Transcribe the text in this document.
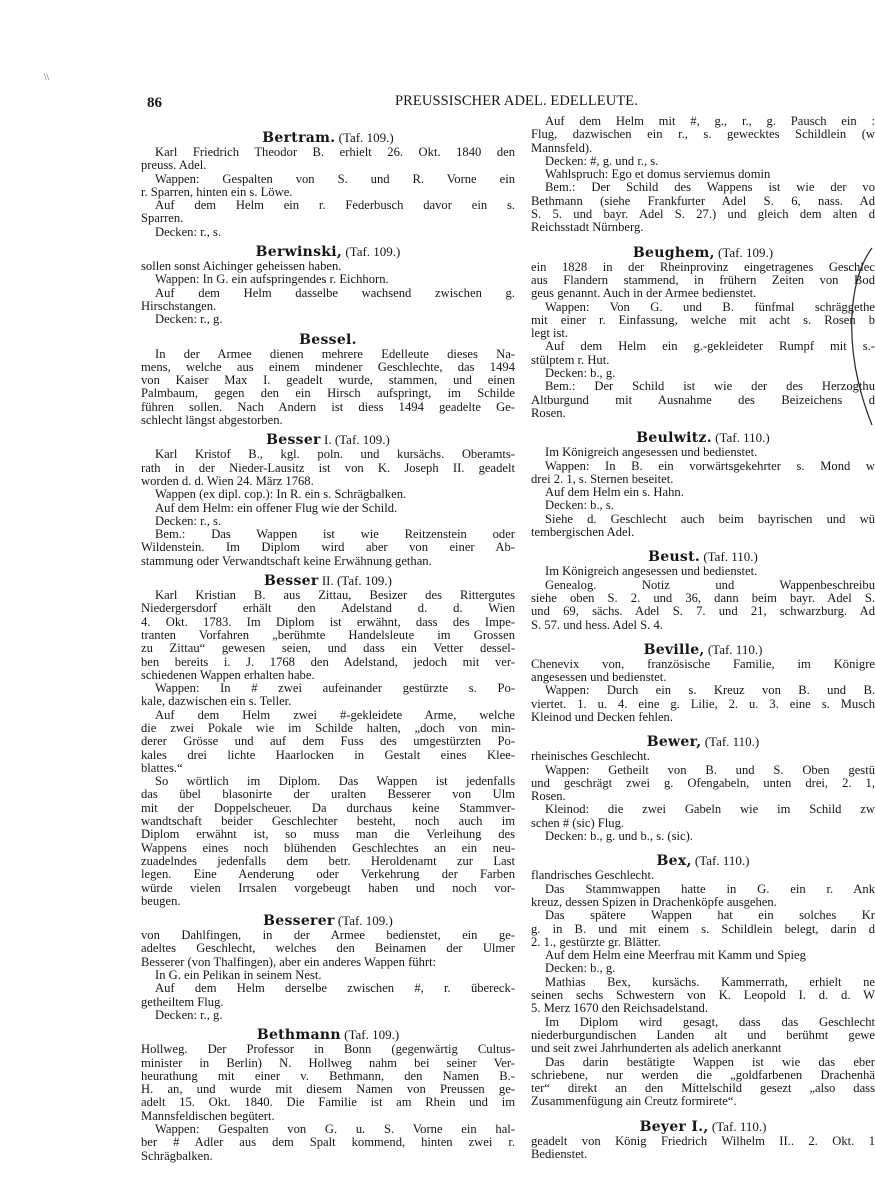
\\
86	PREUSSISCHER ADEL. EDELLEUTE.
Bertram. (Taf. 109.)
Karl Friedrich Theodor B. erhielt 26. Okt. 1840 den
preuss. Adel.
Wappen: Gespalten von S. und R. Vorne ein
r. Sparren, hinten ein s. Löwe.
Auf dem Helm ein r. Federbusch davor ein s.
Sparren.
Decken: r., s.
Berwinski, (Taf. 109.)
sollen sonst Aichinger geheissen haben.
Wappen: In G. ein aufspringendes r. Eichhorn.
Auf dem Helm dasselbe wachsend zwischen g.
Hirschstangen.
Decken: r., g.
Bessel.
In der Armee dienen mehrere Edelleute dieses Na-
mens, welche aus einem mindener Geschlechte, das 1494
von Kaiser Max I. geadelt wurde, stammen, und einen
Palmbaum, gegen den ein Hirsch aufspringt, im Schilde
führen sollen. Nach Andern ist diess 1494 geadelte Ge-
schlecht längst abgestorben.
Besser I. (Taf. 109.)
Karl Kristof B., kgl. poln. und kursächs. Oberamts-
rath in der Nieder-Lausitz ist von K. Joseph II. geadelt
worden d. d. Wien 24. März 1768.
Wappen (ex dipl. cop.): In R. ein s. Schrägbalken.
Auf dem Helm: ein offener Flug wie der Schild.
Decken: r., s.
Bem.: Das Wappen ist wie Reitzenstein oder
Wildenstein. Im Diplom wird aber von einer Ab-
stammung oder Verwandtschaft keine Erwähnung gethan.
Besser II. (Taf. 109.)
Karl Kristian B. aus Zittau, Besizer des Rittergutes
Niedergersdorf erhält den Adelstand d. d. Wien
4. Okt. 1783. Im Diplom ist erwähnt, dass des Impe-
tranten Vorfahren „berühmte Handelsleute im Grossen
zu Zittau“ gewesen seien, und dass ein Vetter dessel-
ben bereits i. J. 1768 den Adelstand, jedoch mit ver-
schiedenen Wappen erhalten habe.
Wappen: In # zwei aufeinander gestürzte s. Po-
kale, dazwischen ein s. Teller.
Auf dem Helm zwei #-gekleidete Arme, welche
die zwei Pokale wie im Schilde halten, „doch von min-
derer Grösse und auf dem Fuss des umgestürzten Po-
kales drei lichte Haarlocken in Gestalt eines Klee-
blattes.“
So wörtlich im Diplom. Das Wappen ist jedenfalls
das übel blasonirte der uralten Besserer von Ulm
mit der Doppelscheuer. Da durchaus keine Stammver-
wandtschaft beider Geschlechter besteht, noch auch im
Diplom erwähnt ist, so muss man die Verleihung des
Wappens eines noch blühenden Geschlechtes an ein neu-
zuadelndes jedenfalls dem betr. Heroldenamt zur Last
legen. Eine Aenderung oder Verkehrung der Farben
würde vielen Irrsalen vorgebeugt haben und noch vor-
beugen.
Besserer (Taf. 109.)
von Dahlfingen, in der Armee bedienstet, ein ge-
adeltes Geschlecht, welches den Beinamen der Ulmer
Besserer (von Thalfingen), aber ein anderes Wappen führt:
In G. ein Pelikan in seinem Nest.
Auf dem Helm derselbe zwischen #, r. übereck-
getheiltem Flug.
Decken: r., g.
Bethmann (Taf. 109.)
Hollweg. Der Professor in Bonn (gegenwärtig Cultus-
minister in Berlin) N. Hollweg nahm bei seiner Ver-
heurathung mit einer v. Bethmann, den Namen B.-
H. an, und wurde mit diesem Namen von Preussen ge-
adelt 15. Okt. 1840. Die Familie ist am Rhein und im
Mannsfeldischen begütert.
Wappen: Gespalten von G. u. S. Vorne ein hal-
ber # Adler aus dem Spalt kommend, hinten zwei r.
Schrägbalken.
Auf dem Helm mit #, g., r., g. Pausch ein :
Flug, dazwischen ein r., s. gewecktes Schildlein (w
Mannsfeld).
Decken: #, g. und r., s.
Wahlspruch: Ego et domus serviemus domin
Bem.: Der Schild des Wappens ist wie der vo
Bethmann (siehe Frankfurter Adel S. 6, nass. Ad
S. 5. und bayr. Adel S. 27.) und gleich dem alten d
Reichsstadt Nürnberg.
Beughem, (Taf. 109.)
ein 1828 in der Rheinprovinz eingetragenes Geschlec
aus Flandern stammend, in frühern Zeiten von Bod
geus genannt. Auch in der Armee bedienstet.
Wappen: Von G. und B. fünfmal schräggethe
mit einer r. Einfassung, welche mit acht s. Rosen b
legt ist.
Auf dem Helm ein g.-gekleideter Rumpf mit s.-
stülptem r. Hut.
Decken: b., g.
Bem.: Der Schild ist wie der des Herzogthu
Altburgund mit Ausnahme des Beizeichens d
Rosen.
Beulwitz. (Taf. 110.)
Im Königreich angesessen und bedienstet.
Wappen: In B. ein vorwärtsgekehrter s. Mond w
drei 2. 1, s. Sternen beseitet.
Auf dem Helm ein s. Hahn.
Decken: b., s.
Siehe d. Geschlecht auch beim bayrischen und wü
tembergischen Adel.
Beust. (Taf. 110.)
Im Königreich angesessen und bedienstet.
Genealog. Notiz und Wappenbeschreibu
siehe oben S. 2. und 36, dann beim bayr. Adel S.
und 69, sächs. Adel S. 7. und 21, schwarzburg. Ad
S. 57. und hess. Adel S. 4.
Beville, (Taf. 110.)
Chenevix von, französische Familie, im Königre
angesessen und bedienstet.
Wappen: Durch ein s. Kreuz von B. und B.
viertet. 1. u. 4. eine g. Lilie, 2. u. 3. eine s. Musch
Kleinod und Decken fehlen.
Bewer, (Taf. 110.)
rheinisches Geschlecht.
Wappen: Getheilt von B. und S. Oben gestü
und geschrägt zwei g. Ofengabeln, unten drei, 2. 1,
Rosen.
Kleinod: die zwei Gabeln wie im Schild zw
schen # (sic) Flug.
Decken: b., g. und b., s. (sic).
Bex, (Taf. 110.)
flandrisches Geschlecht.
Das Stammwappen hatte in G. ein r. Ank
kreuz, dessen Spizen in Drachenköpfe ausgehen.
Das spätere Wappen hat ein solches Kr
g. in B. und mit einem s. Schildlein belegt, darin d
2. 1., gestürzte gr. Blätter.
Auf dem Helm eine Meerfrau mit Kamm und Spieg
Decken: b., g.
Mathias Bex, kursächs. Kammerrath, erhielt ne
seinen sechs Schwestern von K. Leopold I. d. d. W
5. Merz 1670 den Reichsadelstand.
Im Diplom wird gesagt, dass das Geschlecht
niederburgundischen Landen alt und berühmt gewe
und seit zwei Jahrhunderten als adelich anerkannt
Das darin bestätigte Wappen ist wie das eber
schriebene, nur werden die „goldfarbenen Drachenhä
ter“ direkt an den Mittelschild gesezt „also dass
Zusammenfügung ain Creutz formirete“.
Beyer I., (Taf. 110.)
geadelt von König Friedrich Wilhelm II.. 2. Okt. 1
Bedienstet.
